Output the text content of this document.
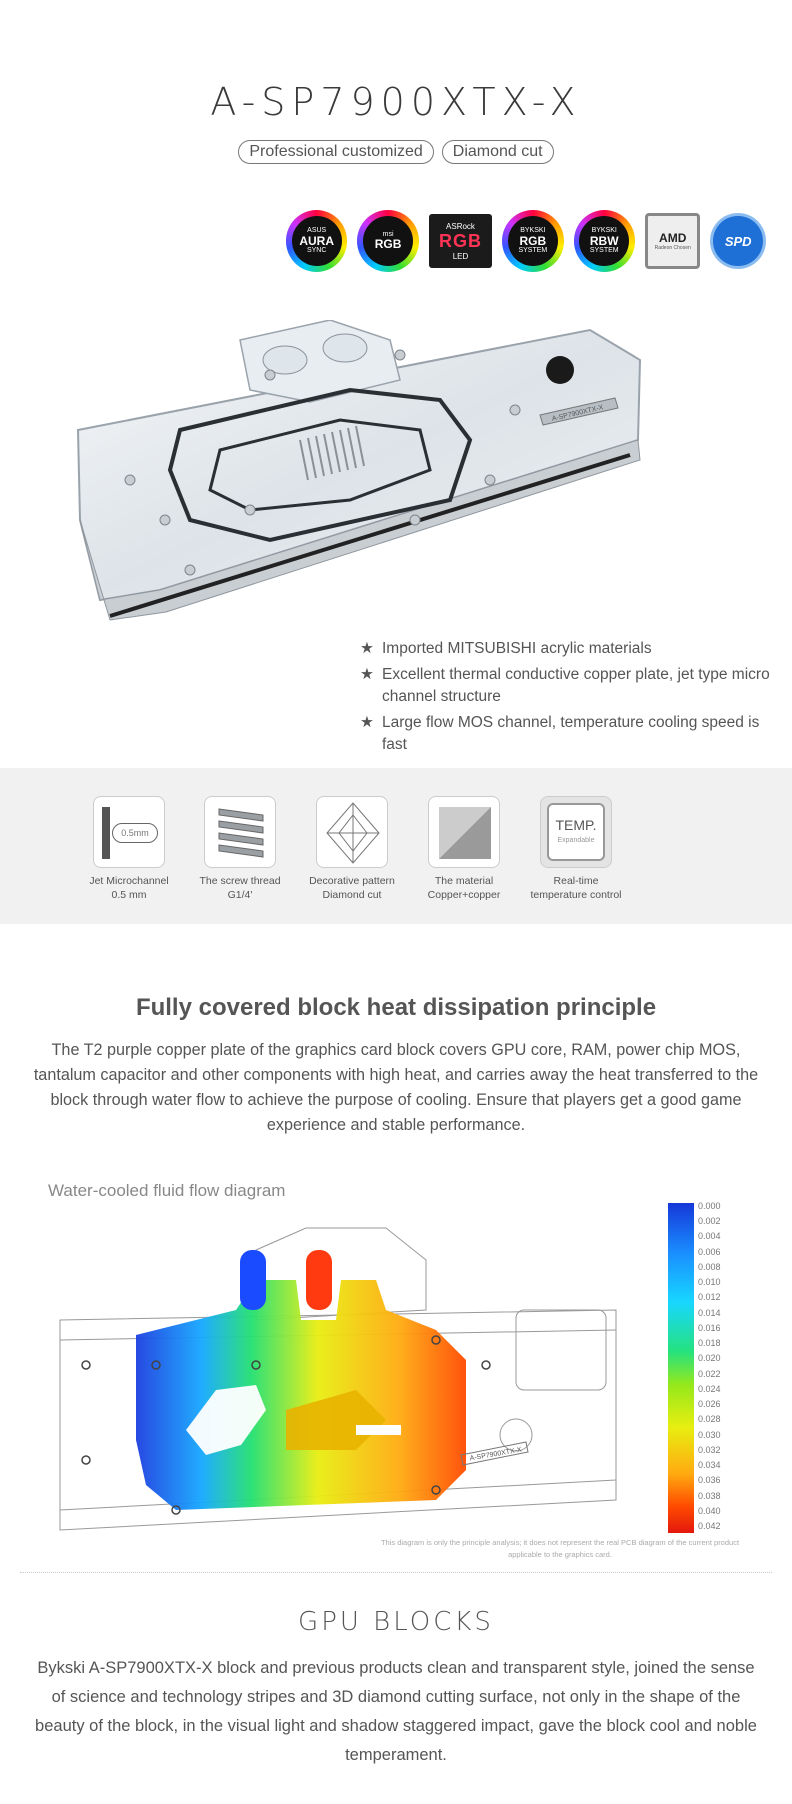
A-SP7900XTX-X
Professional customized	Diamond cut
ASUS
AURA
SYNC
msi
RGB
ASRock
RGB
LED
BYKSKI
RGB
SYSTEM
BYKSKI
RBW
SYSTEM
AMD
Radeon Chosen	SPD
A-SP7900XTX-X
★ Imported MITSUBISHI acrylic materials
★ Excellent thermal conductive copper plate, jet type micro channel structure
★ Large flow MOS channel, temperature cooling speed is fast
0.5mm
Jet Microchannel
0.5 mm
The screw thread
G1/4'
Decorative pattern
Diamond cut
The material
Copper+copper
TEMP.
Expandable
Real-time
temperature control
Fully covered block heat dissipation principle
The T2 purple copper plate of the graphics card block covers GPU core, RAM, power chip MOS, tantalum capacitor and other components with high heat, and carries away the heat transferred to the block through water flow to achieve the purpose of cooling. Ensure that players get a good game experience and stable performance.
Water-cooled fluid flow diagram
A-SP7900XTX-X
0.000
0.002
0.004
0.006
0.008
0.010
0.012
0.014
0.016
0.018
0.020
0.022
0.024
0.026
0.028
0.030
0.032
0.034
0.036
0.038
0.040
0.042
This diagram is only the principle analysis; it does not represent the real PCB diagram of the current product applicable to the graphics card.
GPU BLOCKS
Bykski A-SP7900XTX-X block and previous products clean and transparent style, joined the sense of science and technology stripes and 3D diamond cutting surface, not only in the shape of the beauty of the block, in the visual light and shadow staggered impact, gave the block cool and noble temperament.
